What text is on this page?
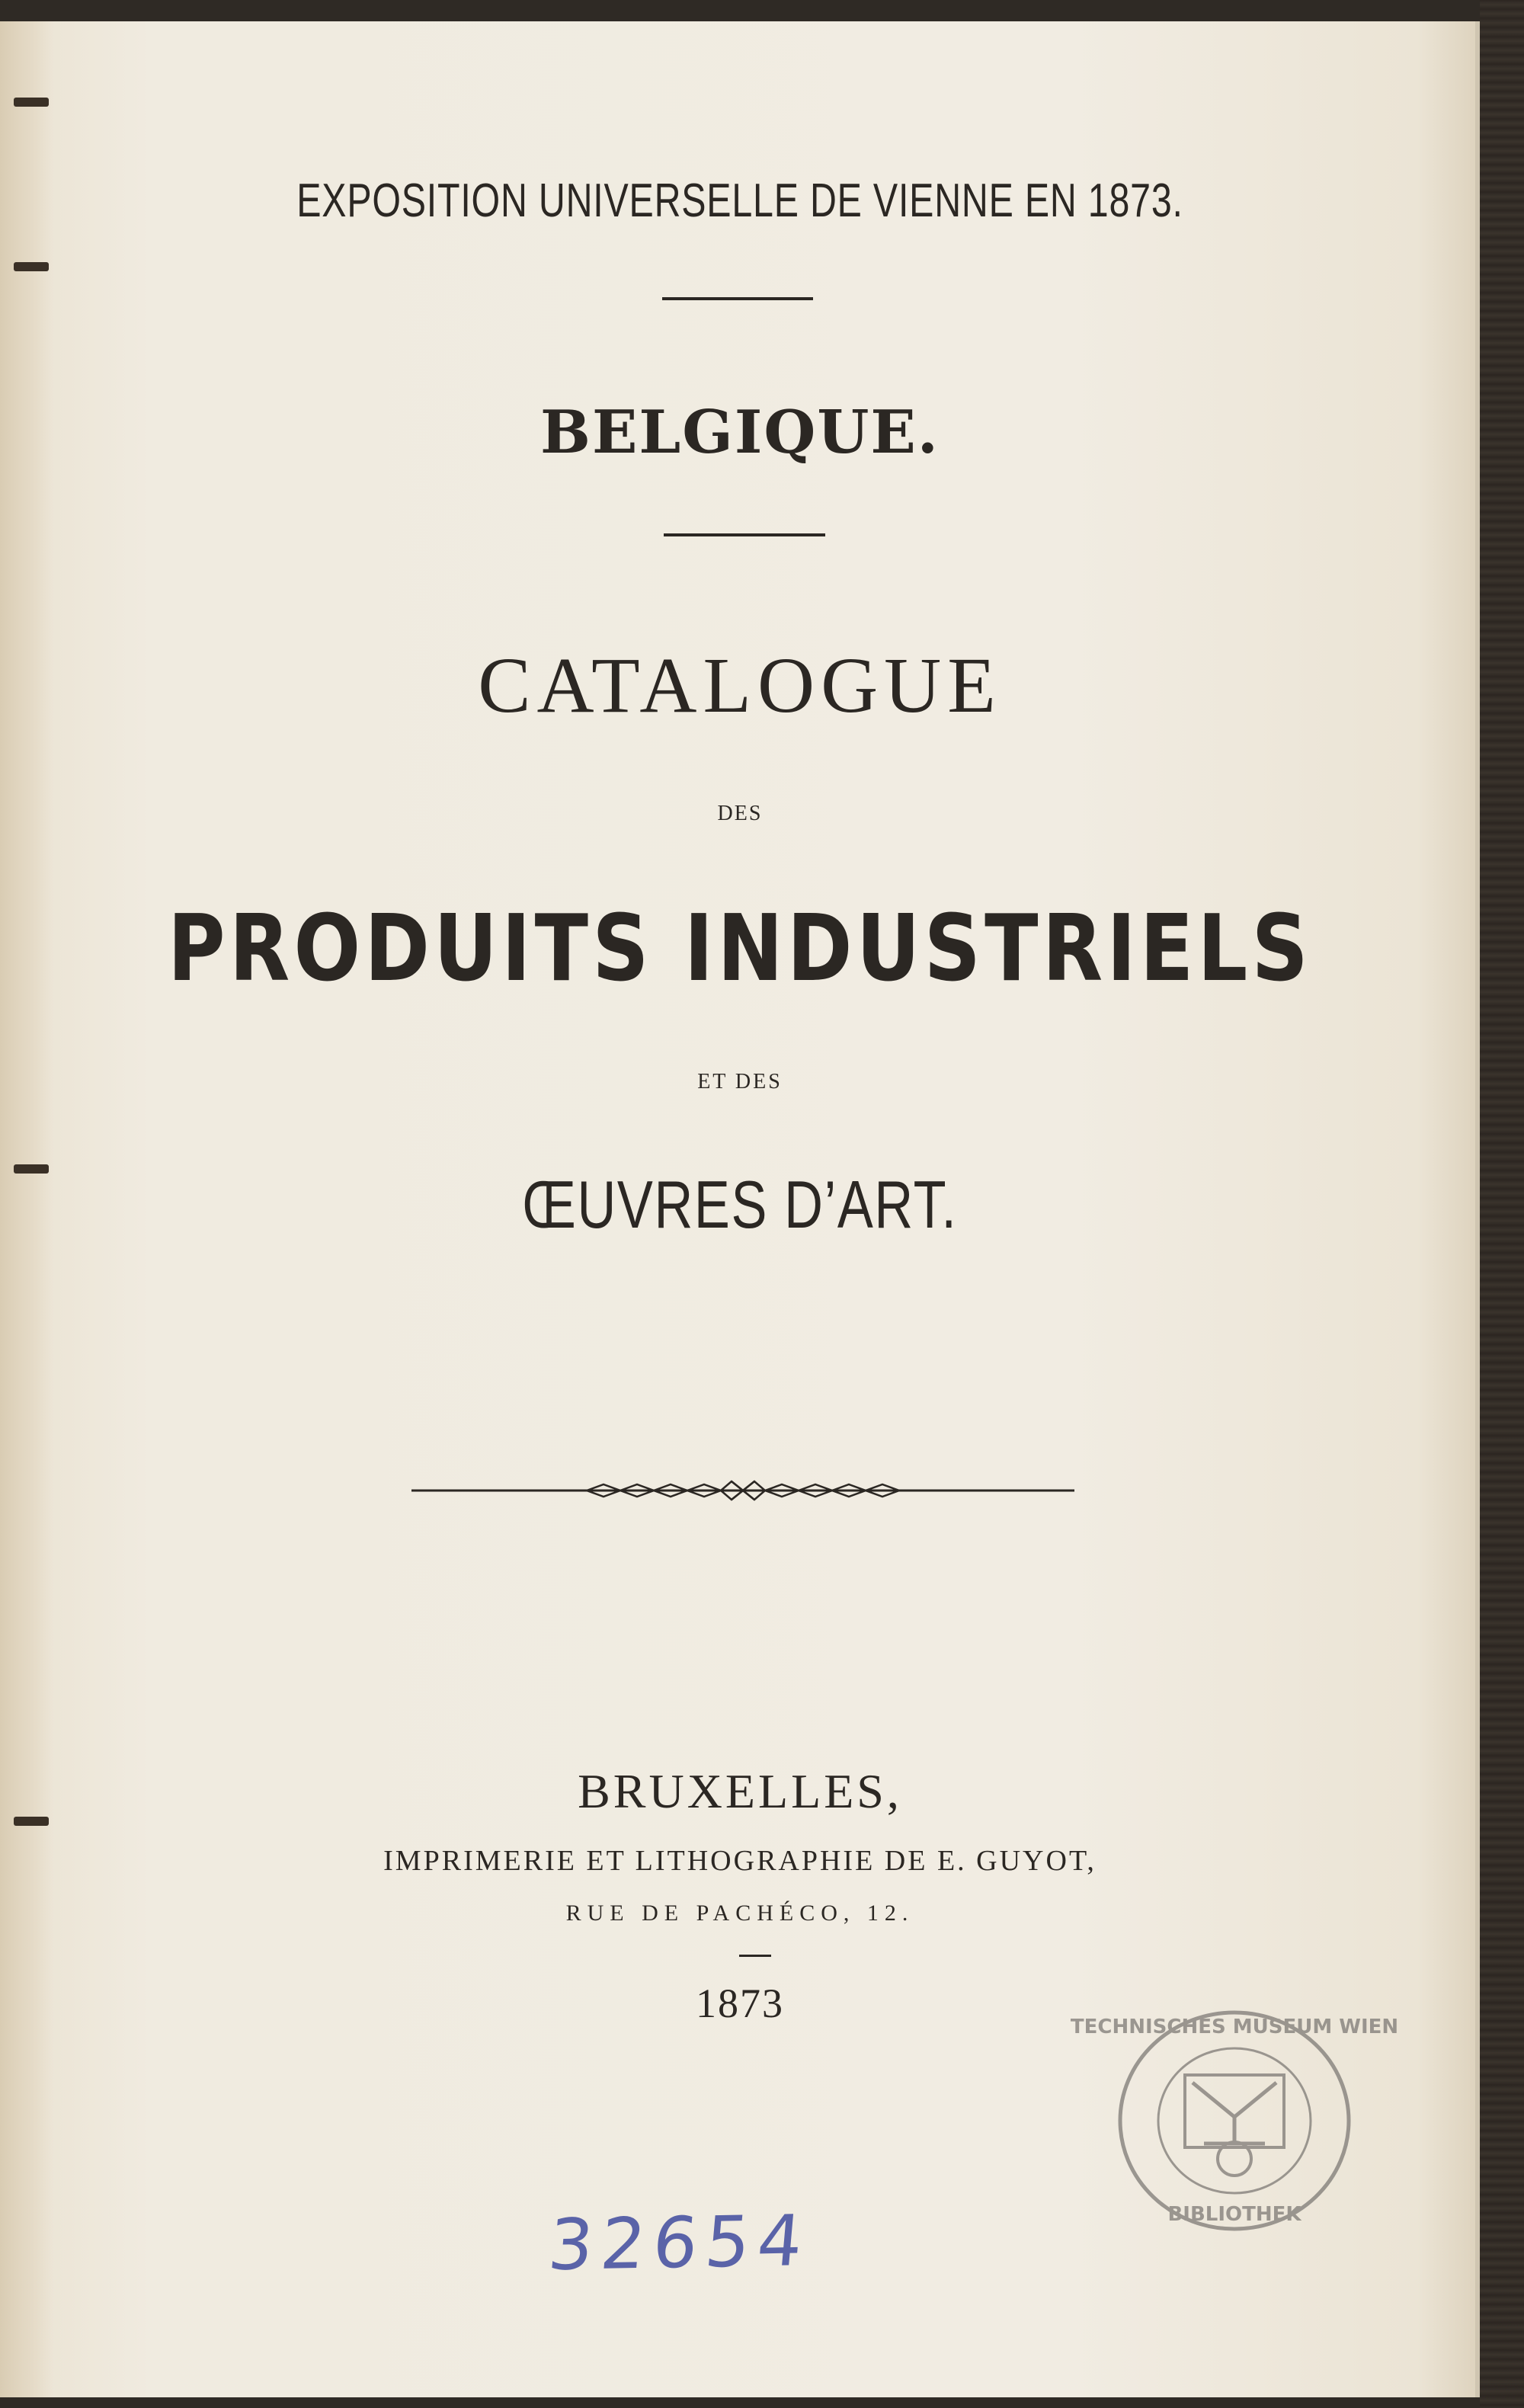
EXPOSITION UNIVERSELLE DE VIENNE EN 1873.

BELGIQUE.

CATALOGUE

DES

PRODUITS INDUSTRIELS

ET DES

ŒUVRES D’ART.

BRUXELLES,

IMPRIMERIE ET LITHOGRAPHIE DE E. GUYOT,

RUE DE PACHÉCO, 12.

1873

TECHNISCHES MUSEUM WIEN
BIBLIOTHEK

32654
